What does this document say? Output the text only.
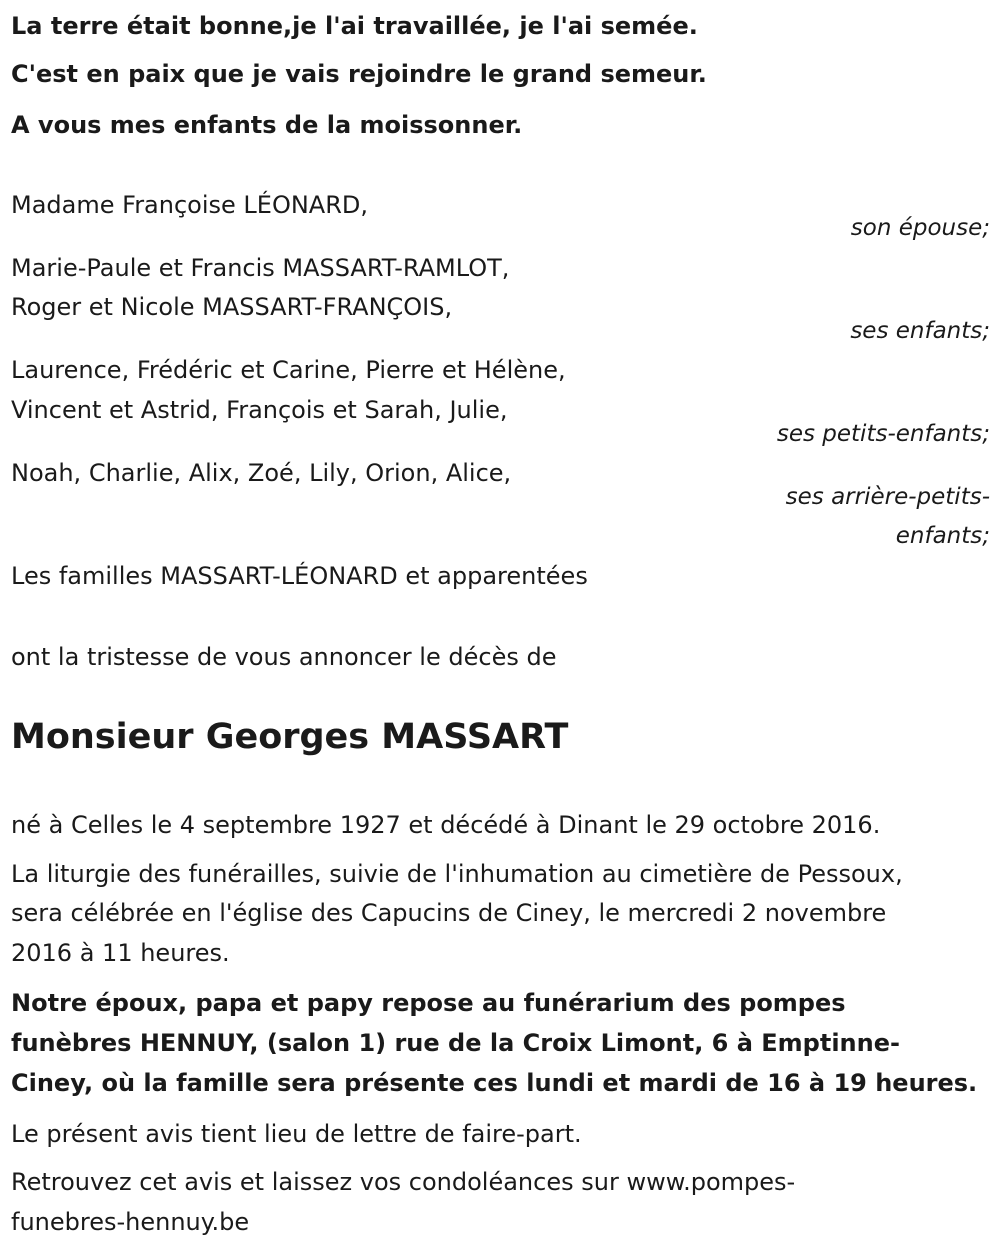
La terre était bonne,je l'ai travaillée, je l'ai semée.
C'est en paix que je vais rejoindre le grand semeur.
A vous mes enfants de la moissonner.
Madame Françoise LÉONARD,
son épouse;
Marie-Paule et Francis MASSART-RAMLOT,
Roger et Nicole MASSART-FRANÇOIS,
ses enfants;
Laurence, Frédéric et Carine, Pierre et Hélène,
Vincent et Astrid, François et Sarah, Julie,
ses petits-enfants;
Noah, Charlie, Alix, Zoé, Lily, Orion, Alice,
ses arrière-petits-
enfants;
Les familles MASSART-LÉONARD et apparentées
ont la tristesse de vous annoncer le décès de
Monsieur Georges MASSART
né à Celles le 4 septembre 1927 et décédé à Dinant le 29 octobre 2016.
La liturgie des funérailles, suivie de l'inhumation au cimetière de Pessoux,
sera célébrée en l'église des Capucins de Ciney, le mercredi 2 novembre
2016 à 11 heures.
Notre époux, papa et papy repose au funérarium des pompes
funèbres HENNUY, (salon 1) rue de la Croix Limont, 6 à Emptinne-
Ciney, où la famille sera présente ces lundi et mardi de 16 à 19 heures.
Le présent avis tient lieu de lettre de faire-part.
Retrouvez cet avis et laissez vos condoléances sur www.pompes-
funebres-hennuy.be
